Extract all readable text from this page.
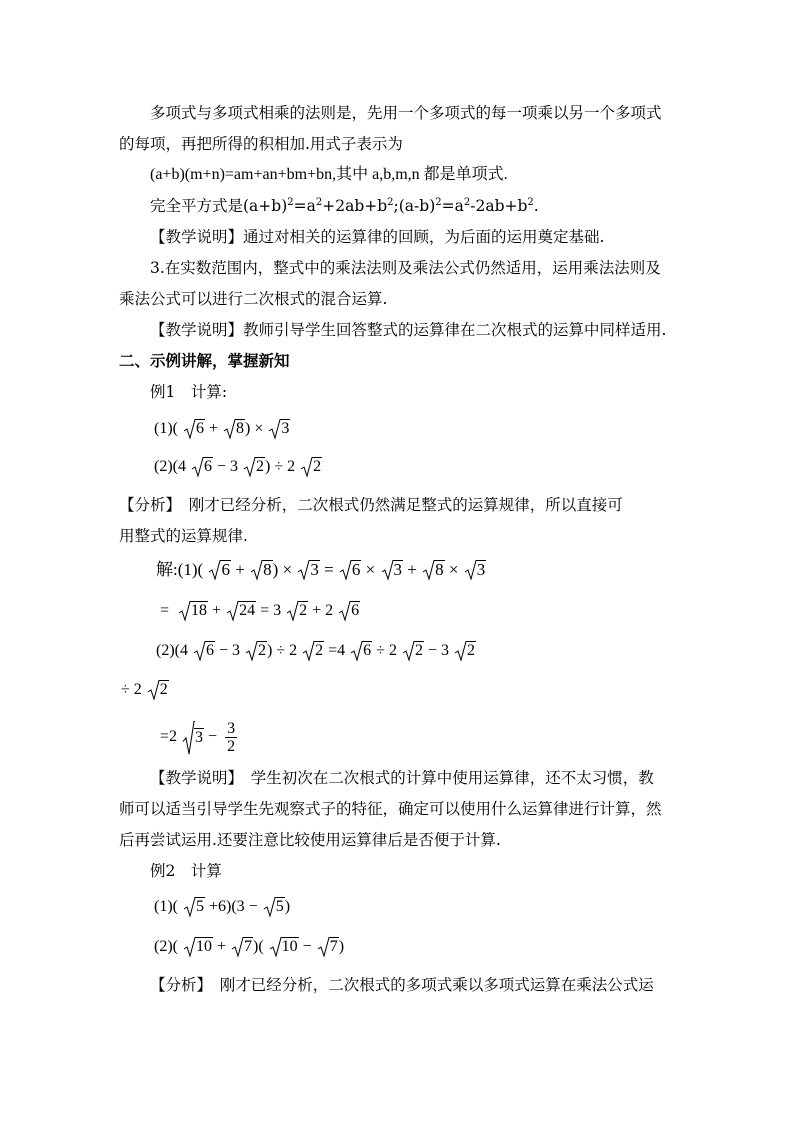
多项式与多项式相乘的法则是，先用一个多项式的每一项乘以另一个多项式
的每项，再把所得的积相加.用式子表示为
(a+b)(m+n)=am+an+bm+bn,其中 a,b,m,n 都是单项式.
完全平方式是$(a+b)^2=a^2+2ab+b^2;(a-b)^2=a^2-2ab+b^2$.
【教学说明】通过对相关的运算律的回顾，为后面的运用奠定基础.
3.在实数范围内，整式中的乘法法则及乘法公式仍然适用，运用乘法法则及
乘法公式可以进行二次根式的混合运算.
【教学说明】教师引导学生回答整式的运算律在二次根式的运算中同样适用.
二、示例讲解，掌握新知
例1　计算:
(1)( 6 + 8) × 3
(2)(4 6 − 3 2) ÷ 2 2
【分析】　刚才已经分析，二次根式仍然满足整式的运算规律，所以直接可
用整式的运算规律.
解:(1)( 6 + 8) × 3 = 6 × 3 + 8 × 3
= 18 + 24 = 3 2 + 2 6
(2)(4 6 − 3 2) ÷ 2 2 =4 6 ÷ 2 2 − 3 2
÷ 2 2
=2 $3 - \frac{3}{2}$
【教学说明】　学生初次在二次根式的计算中使用运算律，还不太习惯，教
师可以适当引导学生先观察式子的特征，确定可以使用什么运算律进行计算，然
后再尝试运用.还要注意比较使用运算律后是否便于计算.
例2　计算
(1)( 5 +6)(3 − 5)
(2)( 10 + 7)( 10 − 7)
【分析】　刚才已经分析，二次根式的多项式乘以多项式运算在乘法公式运
